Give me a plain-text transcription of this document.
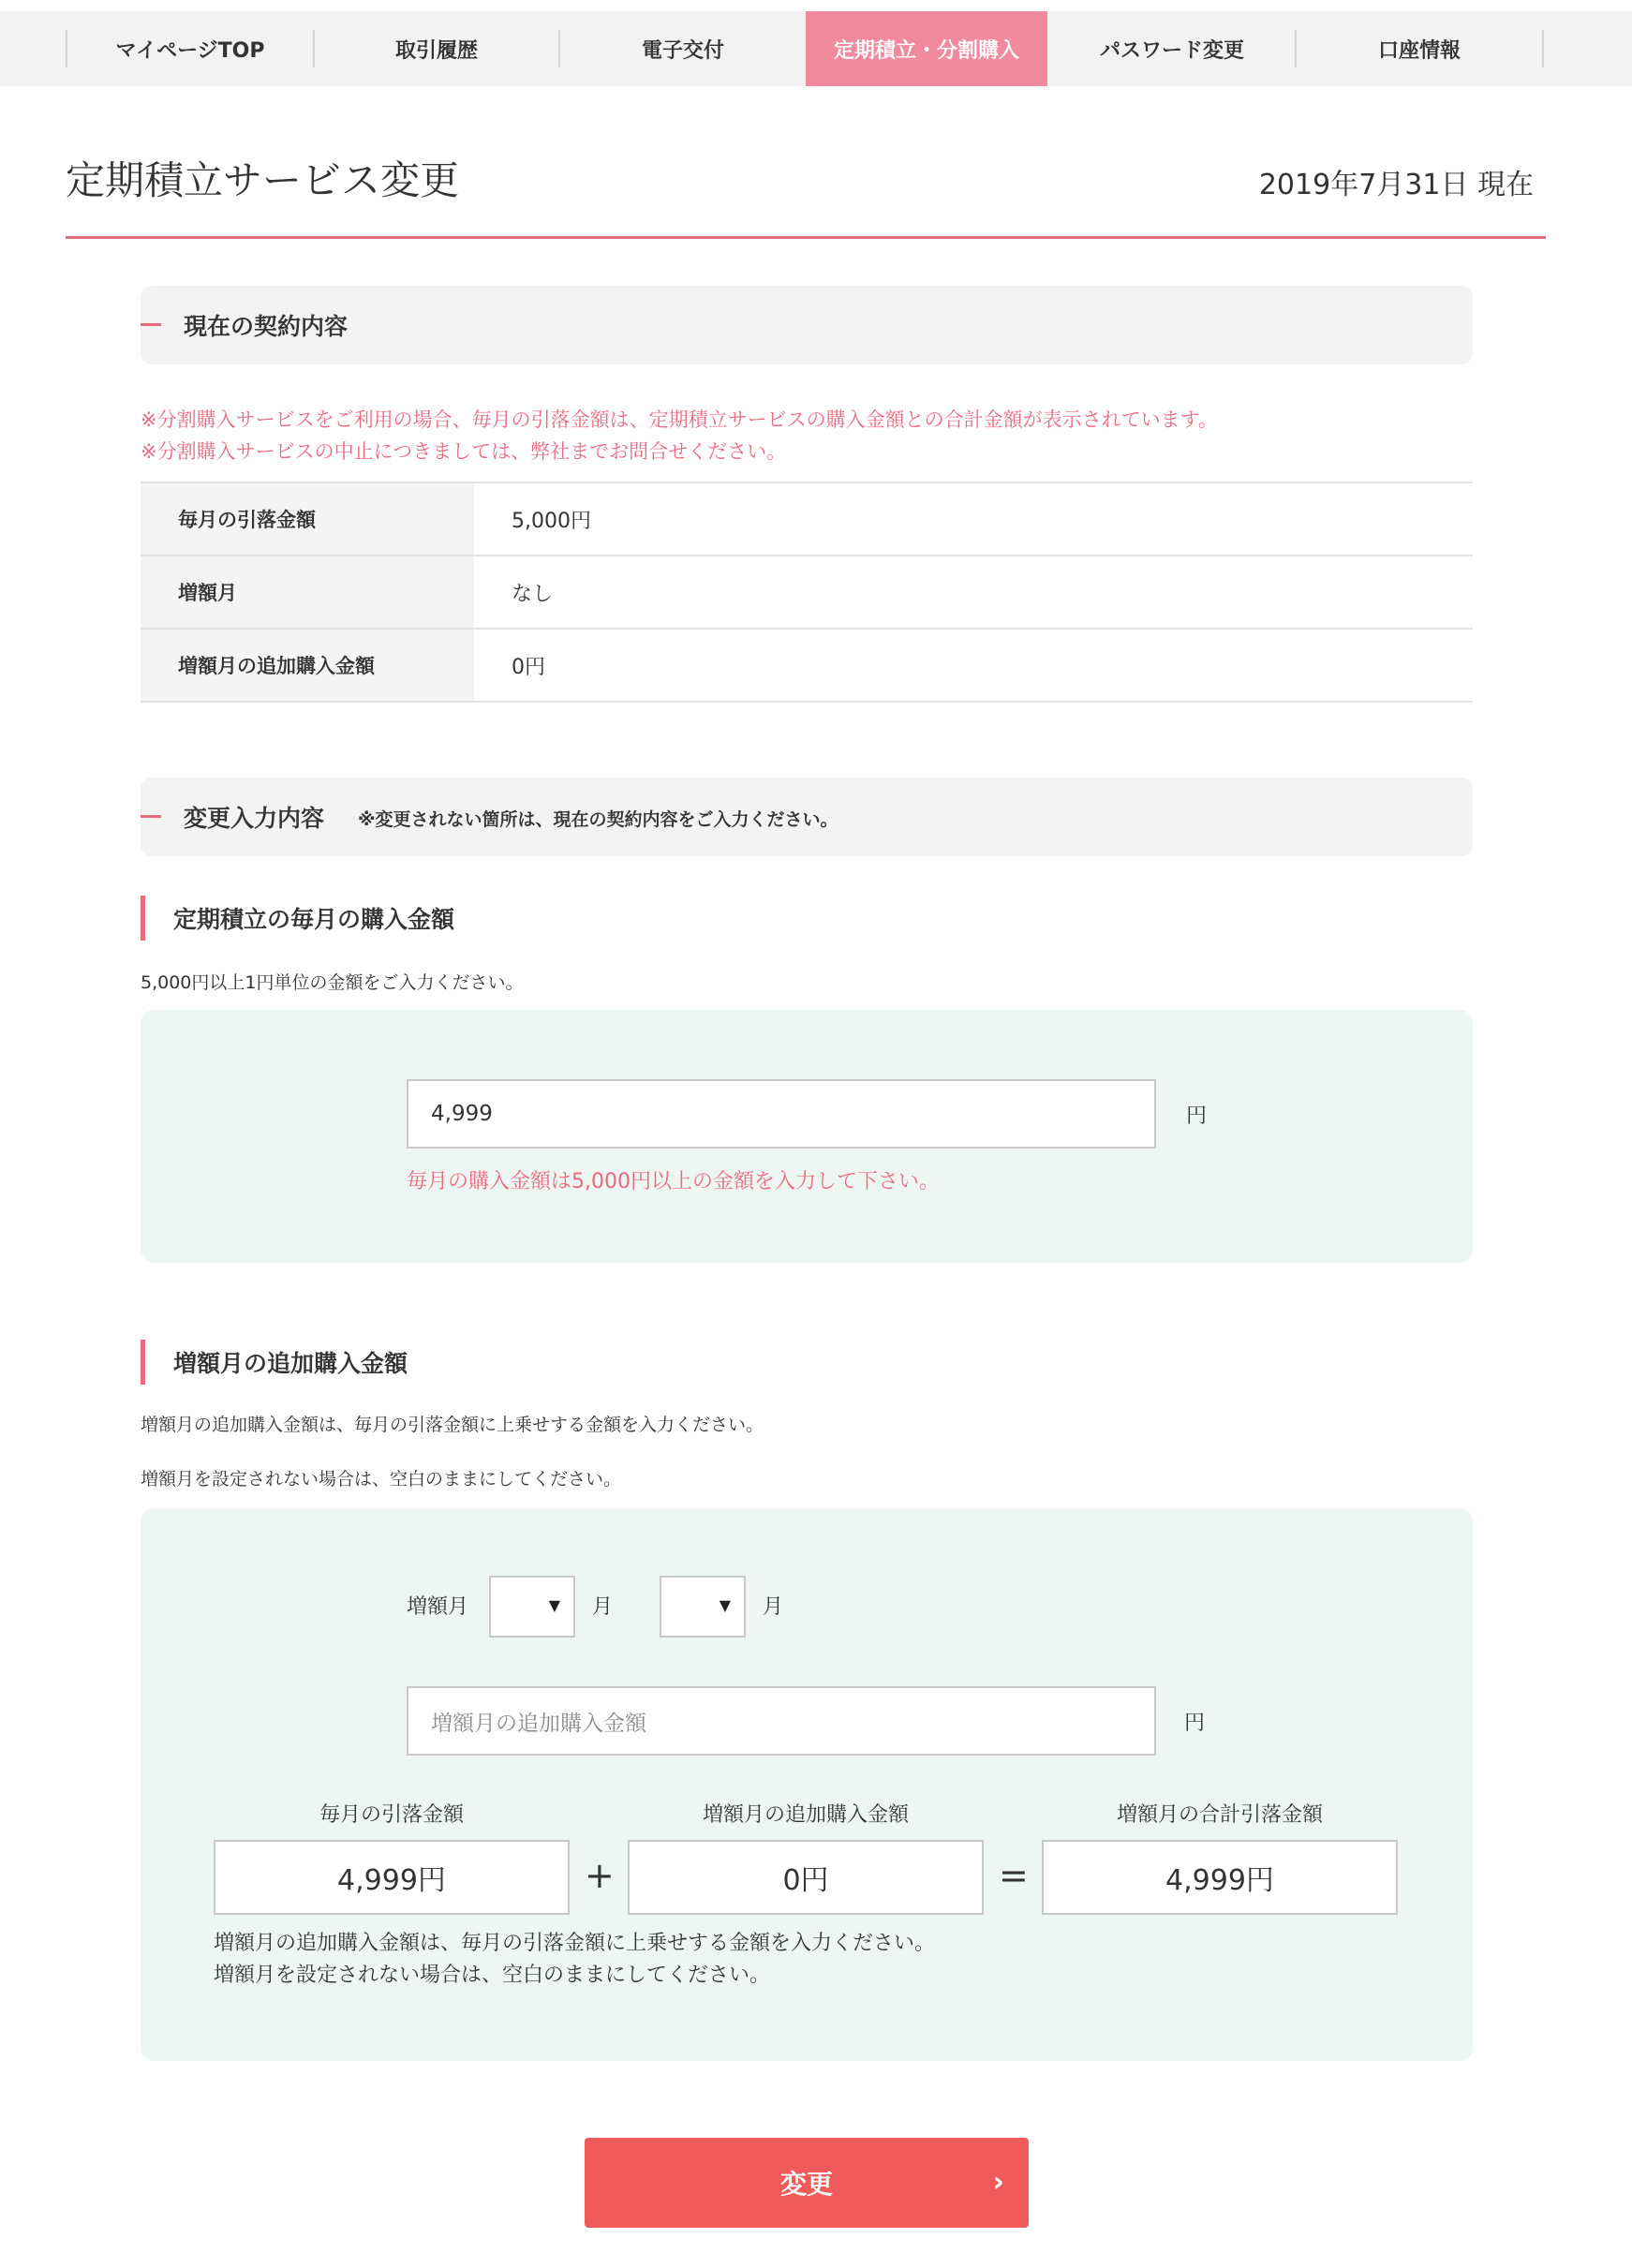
マイページTOP	取引履歴	電子交付	定期積立・分割購入	パスワード変更	口座情報
定期積立サービス変更	2019年7月31日 現在
現在の契約内容
※分割購入サービスをご利用の場合、毎月の引落金額は、定期積立サービスの購入金額との合計金額が表示されています。
※分割購入サービスの中止につきましては、弊社までお問合せください。
毎月の引落金額	5,000円
増額月	なし
増額月の追加購入金額	0円
変更入力内容 ※変更されない箇所は、現在の契約内容をご入力ください。
定期積立の毎月の購入金額
5,000円以上1円単位の金額をご入力ください。
4,999	円
毎月の購入金額は5,000円以上の金額を入力して下さい。
増額月の追加購入金額
増額月の追加購入金額は、毎月の引落金額に上乗せする金額を入力ください。
増額月を設定されない場合は、空白のままにしてください。
増額月	▼ 月	▼ 月
増額月の追加購入金額	円
毎月の引落金額	増額月の追加購入金額	増額月の合計引落金額
4,999円	+	0円	=	4,999円
増額月の追加購入金額は、毎月の引落金額に上乗せする金額を入力ください。
増額月を設定されない場合は、空白のままにしてください。
変更	›
